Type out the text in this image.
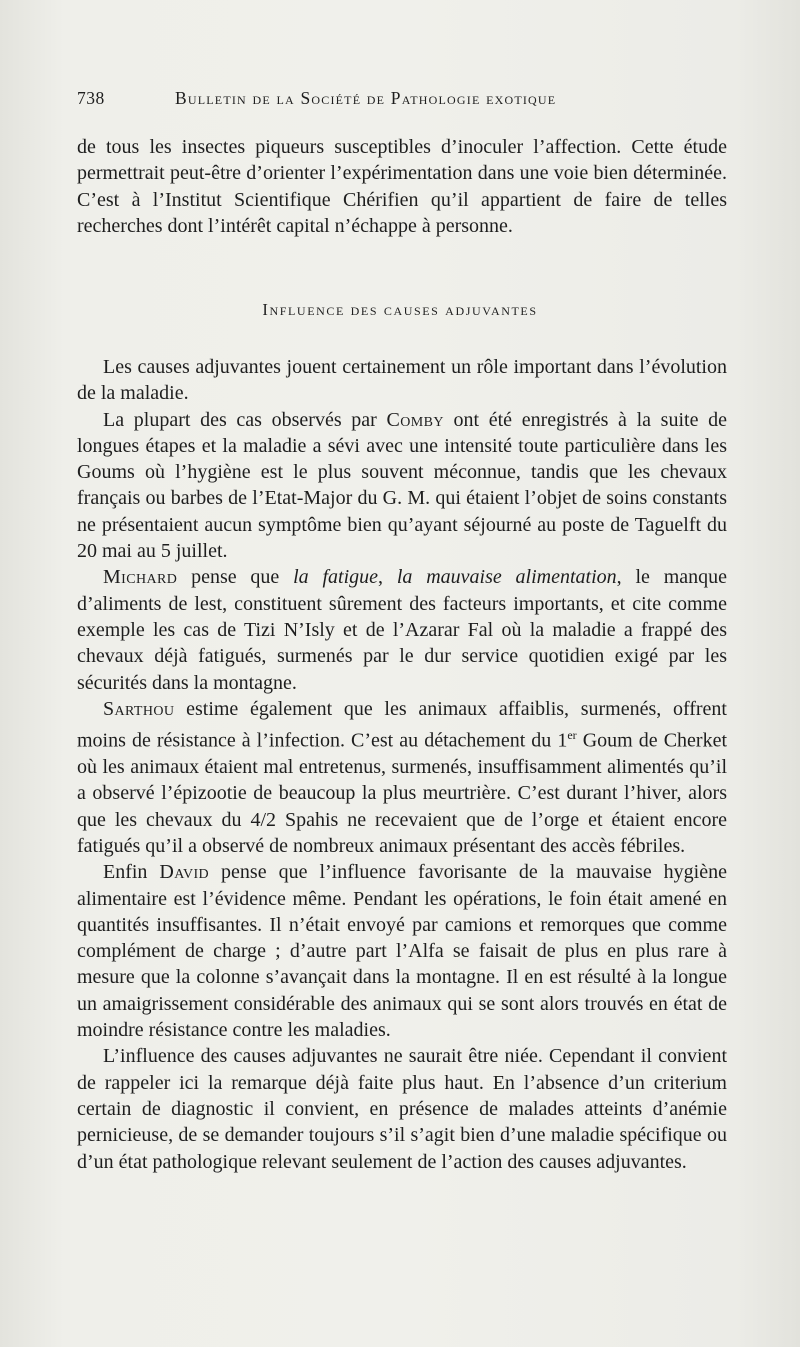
738	Bulletin de la Société de Pathologie exotique

de tous les insectes piqueurs susceptibles d’inoculer l’affection. Cette étude permettrait peut-être d’orienter l’expérimentation dans une voie bien déterminée. C’est à l’Institut Scientifique Chérifien qu’il appartient de faire de telles recherches dont l’intérêt capital n’échappe à personne.

Influence des causes adjuvantes

Les causes adjuvantes jouent certainement un rôle important dans l’évolution de la maladie.

La plupart des cas observés par Comby ont été enregistrés à la suite de longues étapes et la maladie a sévi avec une intensité toute particulière dans les Goums où l’hygiène est le plus souvent méconnue, tandis que les chevaux français ou barbes de l’Etat-Major du G. M. qui étaient l’objet de soins constants ne présentaient aucun symptôme bien qu’ayant séjourné au poste de Taguelft du 20 mai au 5 juillet.

Michard pense que la fatigue, la mauvaise alimentation, le manque d’aliments de lest, constituent sûrement des facteurs importants, et cite comme exemple les cas de Tizi N’Isly et de l’Azarar Fal où la maladie a frappé des chevaux déjà fatigués, surmenés par le dur service quotidien exigé par les sécurités dans la montagne.

Sarthou estime également que les animaux affaiblis, surmenés, offrent moins de résistance à l’infection. C’est au détachement du 1er Goum de Cherket où les animaux étaient mal entretenus, surmenés, insuffisamment alimentés qu’il a observé l’épizootie de beaucoup la plus meurtrière. C’est durant l’hiver, alors que les chevaux du 4/2 Spahis ne recevaient que de l’orge et étaient encore fatigués qu’il a observé de nombreux animaux présentant des accès fébriles.

Enfin David pense que l’influence favorisante de la mauvaise hygiène alimentaire est l’évidence même. Pendant les opérations, le foin était amené en quantités insuffisantes. Il n’était envoyé par camions et remorques que comme complément de charge ; d’autre part l’Alfa se faisait de plus en plus rare à mesure que la colonne s’avançait dans la montagne. Il en est résulté à la longue un amaigrissement considérable des animaux qui se sont alors trouvés en état de moindre résistance contre les maladies.

L’influence des causes adjuvantes ne saurait être niée. Cependant il convient de rappeler ici la remarque déjà faite plus haut. En l’absence d’un criterium certain de diagnostic il convient, en présence de malades atteints d’anémie pernicieuse, de se demander toujours s’il s’agit bien d’une maladie spécifique ou d’un état pathologique relevant seulement de l’action des causes adjuvantes.
